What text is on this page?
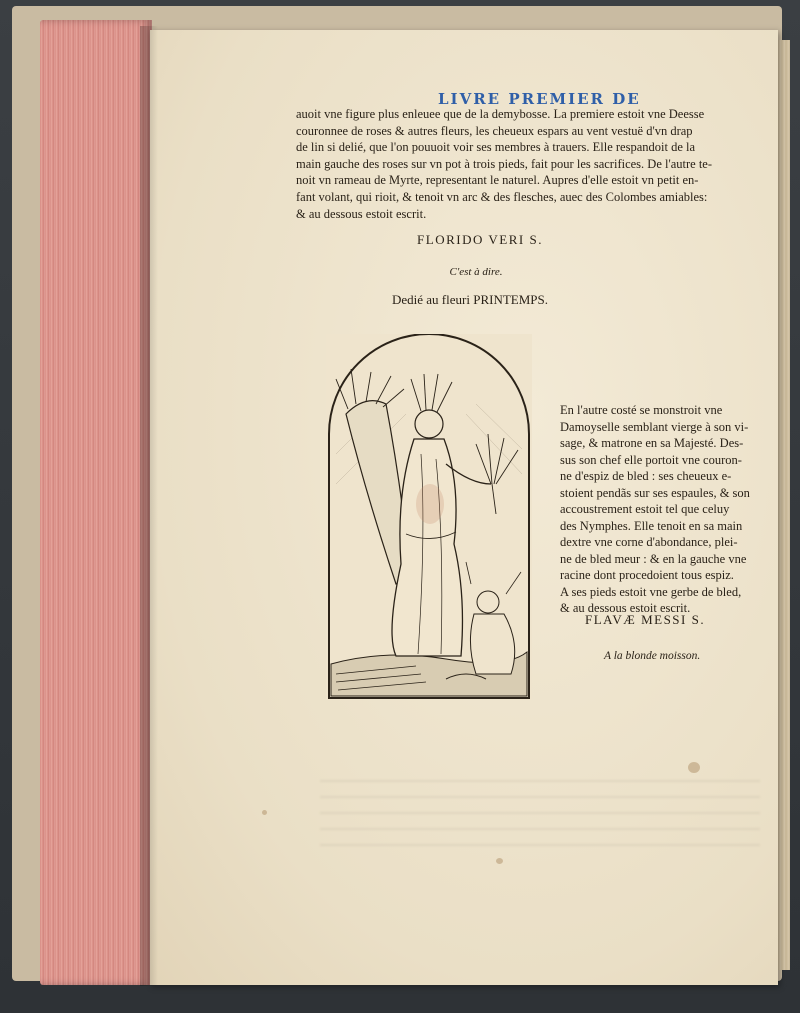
LIVRE PREMIER DE
auoit vne figure plus enleuee que de la demybosse. La premiere estoit vne Deesse
couronnee de roses & autres fleurs, les cheueux espars au vent vestuë d'vn drap
de lin si delié, que l'on pouuoit voir ses membres à trauers. Elle respandoit de la
main gauche des roses sur vn pot à trois pieds, fait pour les sacrifices. De l'autre te-
noit vn rameau de Myrte, representant le naturel. Aupres d'elle estoit vn petit en-
fant volant, qui rioit, & tenoit vn arc & des flesches, auec des Colombes amiables:
& au dessous estoit escrit.
FLORIDO VERI S.
C'est à dire.
Dedié au fleuri PRINTEMPS.
En l'autre costé se monstroit vne
Damoyselle semblant vierge à son vi-
sage, & matrone en sa Majesté. Des-
sus son chef elle portoit vne couron-
ne d'espiz de bled : ses cheueux e-
stoient pendãs sur ses espaules, & son
accoustrement estoit tel que celuy
des Nymphes. Elle tenoit en sa main
dextre vne corne d'abondance, plei-
ne de bled meur : & en la gauche vne
racine dont procedoient tous espiz.
A ses pieds estoit vne gerbe de bled,
& au dessous estoit escrit.
FLAVÆ MESSI S.
A la blonde moisson.
